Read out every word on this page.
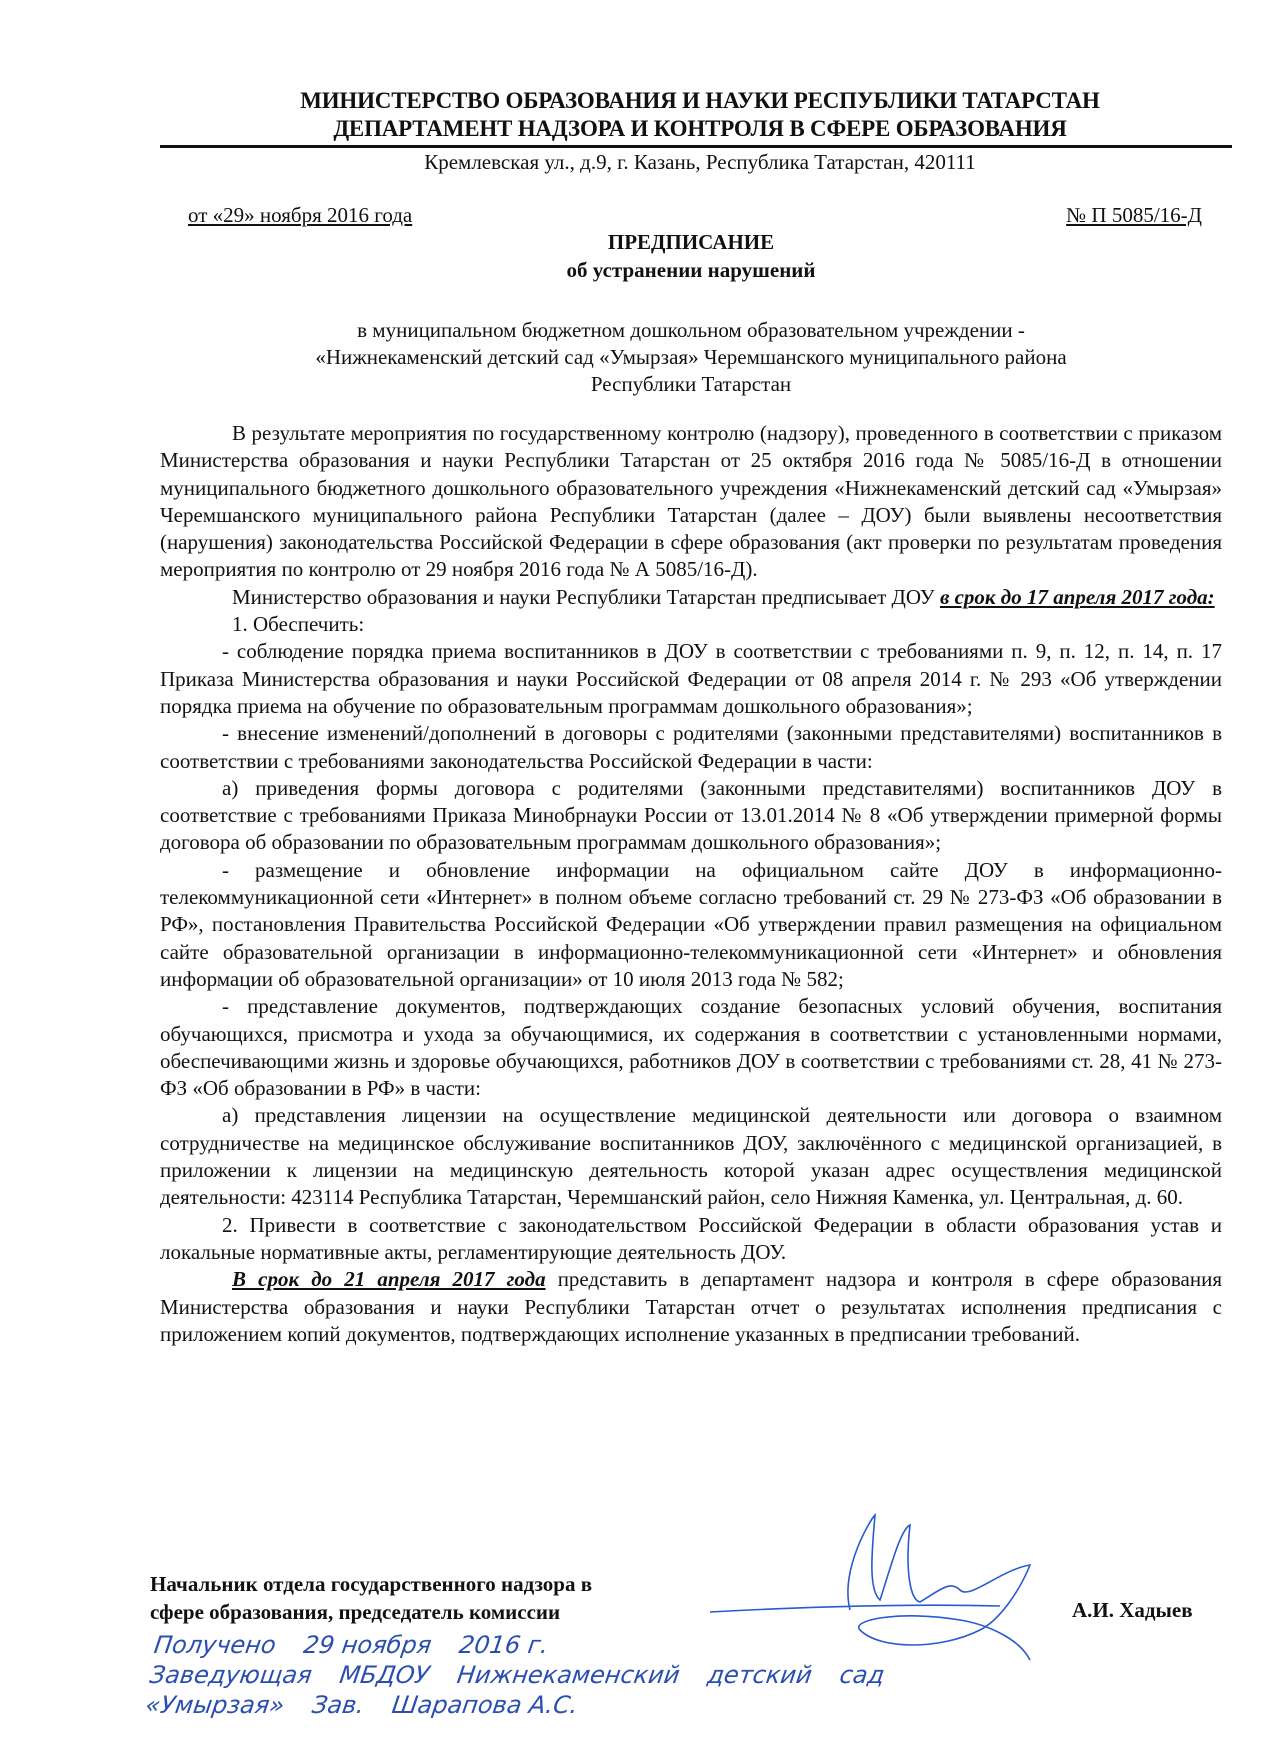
МИНИСТЕРСТВО ОБРАЗОВАНИЯ И НАУКИ РЕСПУБЛИКИ ТАТАРСТАН
ДЕПАРТАМЕНТ НАДЗОРА И КОНТРОЛЯ В СФЕРЕ ОБРАЗОВАНИЯ
Кремлевская ул., д.9, г. Казань, Республика Татарстан, 420111
от «29» ноября 2016 года	№ П 5085/16-Д
ПРЕДПИСАНИЕ
об устранении нарушений
в муниципальном бюджетном дошкольном образовательном учреждении -
«Нижнекаменский детский сад «Умырзая» Черемшанского муниципального района
Республики Татарстан

В результате мероприятия по государственному контролю (надзору), проведенного в соответствии с приказом Министерства образования и науки Республики Татарстан от 25 октября 2016 года № 5085/16-Д в отношении муниципального бюджетного дошкольного образовательного учреждения «Нижнекаменский детский сад «Умырзая» Черемшанского муниципального района Республики Татарстан (далее – ДОУ) были выявлены несоответствия (нарушения) законодательства Российской Федерации в сфере образования (акт проверки по результатам проведения мероприятия по контролю от 29 ноября 2016 года № А 5085/16-Д).

Министерство образования и науки Республики Татарстан предписывает ДОУ в срок до 17 апреля 2017 года:

1. Обеспечить:

- соблюдение порядка приема воспитанников в ДОУ в соответствии с требованиями п. 9, п. 12, п. 14, п. 17 Приказа Министерства образования и науки Российской Федерации от 08 апреля 2014 г. № 293 «Об утверждении порядка приема на обучение по образовательным программам дошкольного образования»;

- внесение изменений/дополнений в договоры с родителями (законными представителями) воспитанников в соответствии с требованиями законодательства Российской Федерации в части:

а) приведения формы договора с родителями (законными представителями) воспитанников ДОУ в соответствие с требованиями Приказа Минобрнауки России от 13.01.2014 № 8 «Об утверждении примерной формы договора об образовании по образовательным программам дошкольного образования»;

- размещение и обновление информации на официальном сайте ДОУ в информационно-телекоммуникационной сети «Интернет» в полном объеме согласно требований ст. 29 № 273-ФЗ «Об образовании в РФ», постановления Правительства Российской Федерации «Об утверждении правил размещения на официальном сайте образовательной организации в информационно-телекоммуникационной сети «Интернет» и обновления информации об образовательной организации» от 10 июля 2013 года № 582;

- представление документов, подтверждающих создание безопасных условий обучения, воспитания обучающихся, присмотра и ухода за обучающимися, их содержания в соответствии с установленными нормами, обеспечивающими жизнь и здоровье обучающихся, работников ДОУ в соответствии с требованиями ст. 28, 41 № 273-ФЗ «Об образовании в РФ» в части:

а) представления лицензии на осуществление медицинской деятельности или договора о взаимном сотрудничестве на медицинское обслуживание воспитанников ДОУ, заключённого с медицинской организацией, в приложении к лицензии на медицинскую деятельность которой указан адрес осуществления медицинской деятельности: 423114 Республика Татарстан, Черемшанский район, село Нижняя Каменка, ул. Центральная, д. 60.

2. Привести в соответствие с законодательством Российской Федерации в области образования устав и локальные нормативные акты, регламентирующие деятельность ДОУ.

В срок до 21 апреля 2017 года представить в департамент надзора и контроля в сфере образования Министерства образования и науки Республики Татарстан отчет о результатах исполнения предписания с приложением копий документов, подтверждающих исполнение указанных в предписании требований.

Начальник отдела государственного надзора в
сфере образования, председатель комиссии	А.И. Хадыев
Получено 29 ноября 2016 г.
Заведующая МБДОУ Нижнекаменский детский сад
«Умырзая» Зав. Шарапова А.С.
